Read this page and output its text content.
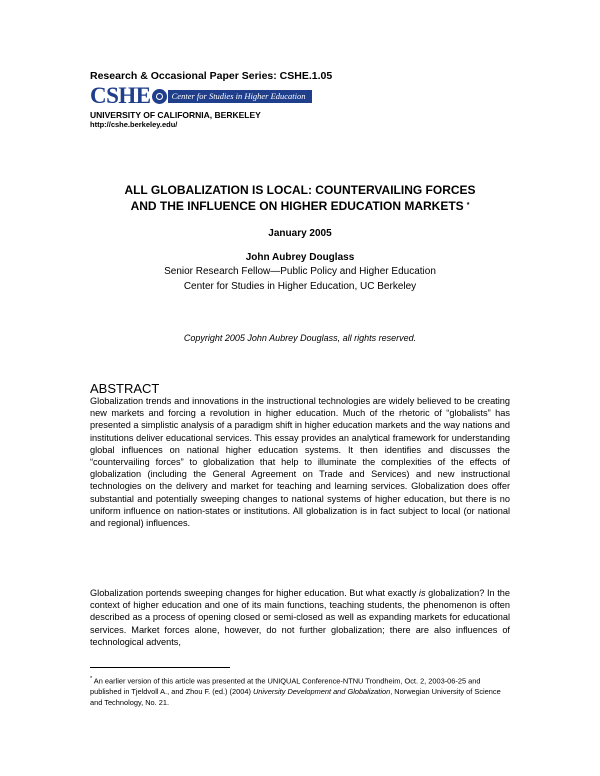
Research & Occasional Paper Series: CSHE.1.05
CSHE	Center for Studies in Higher Education
UNIVERSITY OF CALIFORNIA, BERKELEY
http://cshe.berkeley.edu/
ALL GLOBALIZATION IS LOCAL: COUNTERVAILING FORCES
AND THE INFLUENCE ON HIGHER EDUCATION MARKETS *
January 2005
John Aubrey Douglass
Senior Research Fellow—Public Policy and Higher Education
Center for Studies in Higher Education, UC Berkeley
Copyright 2005 John Aubrey Douglass, all rights reserved.
ABSTRACT
Globalization trends and innovations in the instructional technologies are widely believed to be creating new markets and forcing a revolution in higher education. Much of the rhetoric of “globalists” has presented a simplistic analysis of a paradigm shift in higher education markets and the way nations and institutions deliver educational services. This essay provides an analytical framework for understanding global influences on national higher education systems. It then identifies and discusses the “countervailing forces” to globalization that help to illuminate the complexities of the effects of globalization (including the General Agreement on Trade and Services) and new instructional technologies on the delivery and market for teaching and learning services. Globalization does offer substantial and potentially sweeping changes to national systems of higher education, but there is no uniform influence on nation-states or institutions. All globalization is in fact subject to local (or national and regional) influences.
Globalization portends sweeping changes for higher education. But what exactly is globalization? In the context of higher education and one of its main functions, teaching students, the phenomenon is often described as a process of opening closed or semi-closed as well as expanding markets for educational services. Market forces alone, however, do not further globalization; there are also influences of technological advents,
* An earlier version of this article was presented at the UNIQUAL Conference-NTNU Trondheim, Oct. 2, 2003-06-25 and published in Tjeldvoll A., and Zhou F. (ed.) (2004) University Development and Globalization, Norwegian University of Science and Technology, No. 21.
